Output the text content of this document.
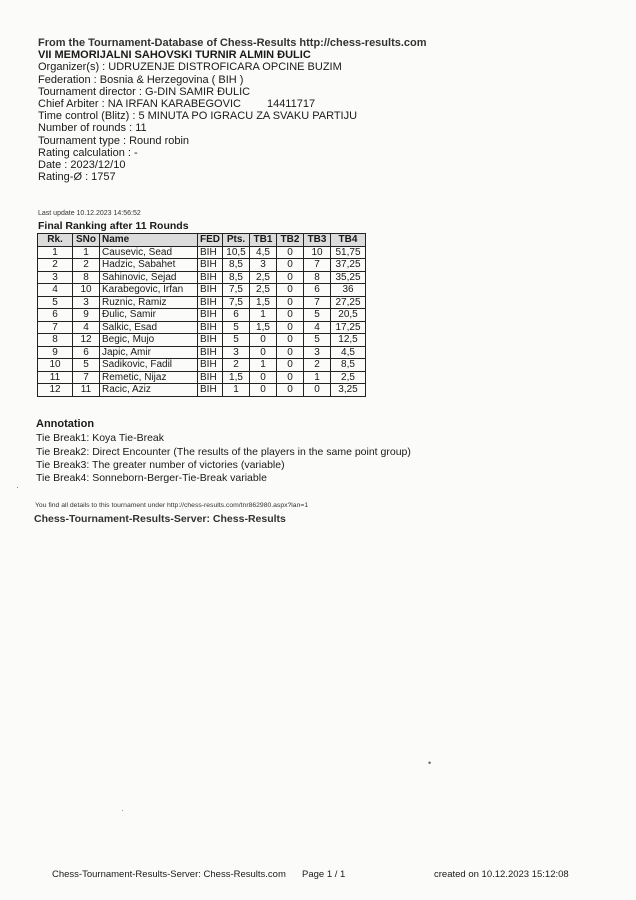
From the Tournament-Database of Chess-Results http://chess-results.com
VII MEMORIJALNI SAHOVSKI TURNIR ALMIN ĐULIC
Organizer(s) : UDRUZENJE DISTROFICARA OPCINE BUZIM
Federation : Bosnia & Herzegovina ( BIH )
Tournament director : G-DIN SAMIR ĐULIC
Chief Arbiter : NA IRFAN KARABEGOVIC 14411717
Time control (Blitz) : 5 MINUTA PO IGRACU ZA SVAKU PARTIJU
Number of rounds : 11
Tournament type : Round robin
Rating calculation : -
Date : 2023/12/10
Rating-Ø : 1757
Last update 10.12.2023 14:56:52
Final Ranking after 11 Rounds
Rk.	SNo	Name	FED	Pts.	TB1	TB2	TB3	TB4
1	1	Causevic, Sead	BIH	10,5	4,5	0	10	51,75
2	2	Hadzic, Sabahet	BIH	8,5	3	0	7	37,25
3	8	Sahinovic, Sejad	BIH	8,5	2,5	0	8	35,25
4	10	Karabegovic, Irfan	BIH	7,5	2,5	0	6	36
5	3	Ruznic, Ramiz	BIH	7,5	1,5	0	7	27,25
6	9	Đulic, Samir	BIH	6	1	0	5	20,5
7	4	Salkic, Esad	BIH	5	1,5	0	4	17,25
8	12	Begic, Mujo	BIH	5	0	0	5	12,5
9	6	Japic, Amir	BIH	3	0	0	3	4,5
10	5	Sadikovic, Fadil	BIH	2	1	0	2	8,5
11	7	Remetic, Nijaz	BIH	1,5	0	0	1	2,5
12	11	Racic, Aziz	BIH	1	0	0	0	3,25
Annotation
Tie Break1: Koya Tie-Break
Tie Break2: Direct Encounter (The results of the players in the same point group)
Tie Break3: The greater number of victories (variable)
Tie Break4: Sonneborn-Berger-Tie-Break variable
You find all details to this tournament under http://chess-results.com/tnr862980.aspx?lan=1
Chess-Tournament-Results-Server: Chess-Results
Chess-Tournament-Results-Server: Chess-Results.com Page 1 / 1	created on 10.12.2023 15:12:08
·
•
·
